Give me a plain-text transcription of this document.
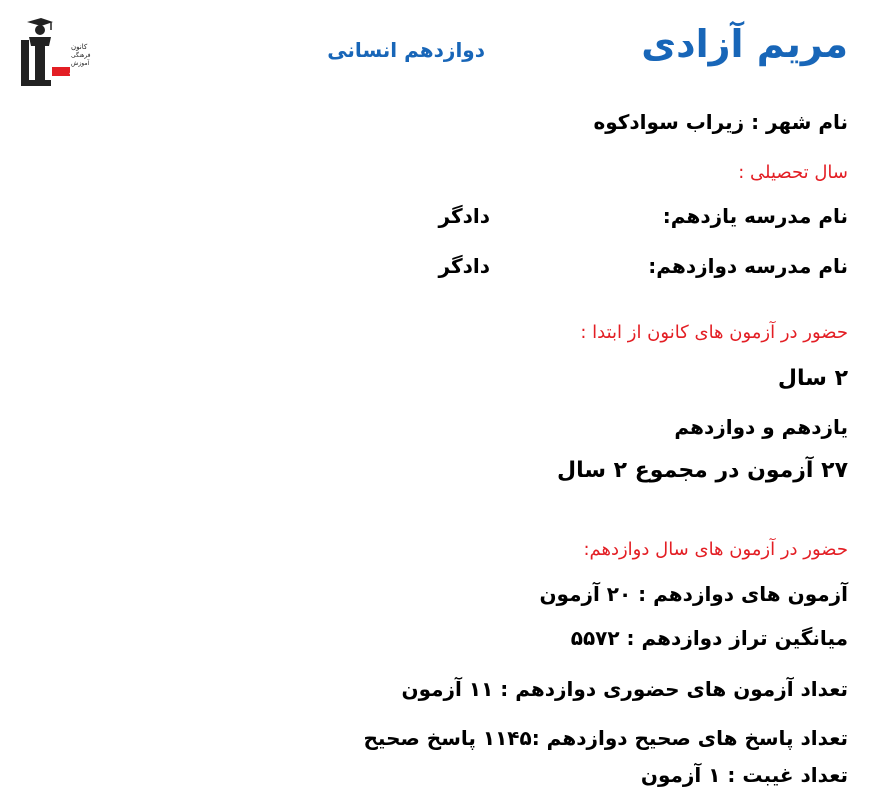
کانون
فرهنگی
آموزش
قلم چی
مریم آزادی
دوازدهم انسانی
نام شهر : زیراب سوادکوه
سال تحصیلی :
نام مدرسه یازدهم:
دادگر
نام مدرسه دوازدهم:
دادگر
حضور در آزمون های کانون از ابتدا :
۲ سال
یازدهم و دوازدهم
۲۷ آزمون در مجموع ۲ سال
حضور در آزمون های سال دوازدهم:
آزمون های دوازدهم : ۲۰ آزمون
میانگین تراز دوازدهم : ۵۵۷۲
تعداد آزمون های حضوری دوازدهم : ۱۱ آزمون
تعداد پاسخ های صحیح دوازدهم :۱۱۴۵ پاسخ صحیح
تعداد غیبت : ۱ آزمون
